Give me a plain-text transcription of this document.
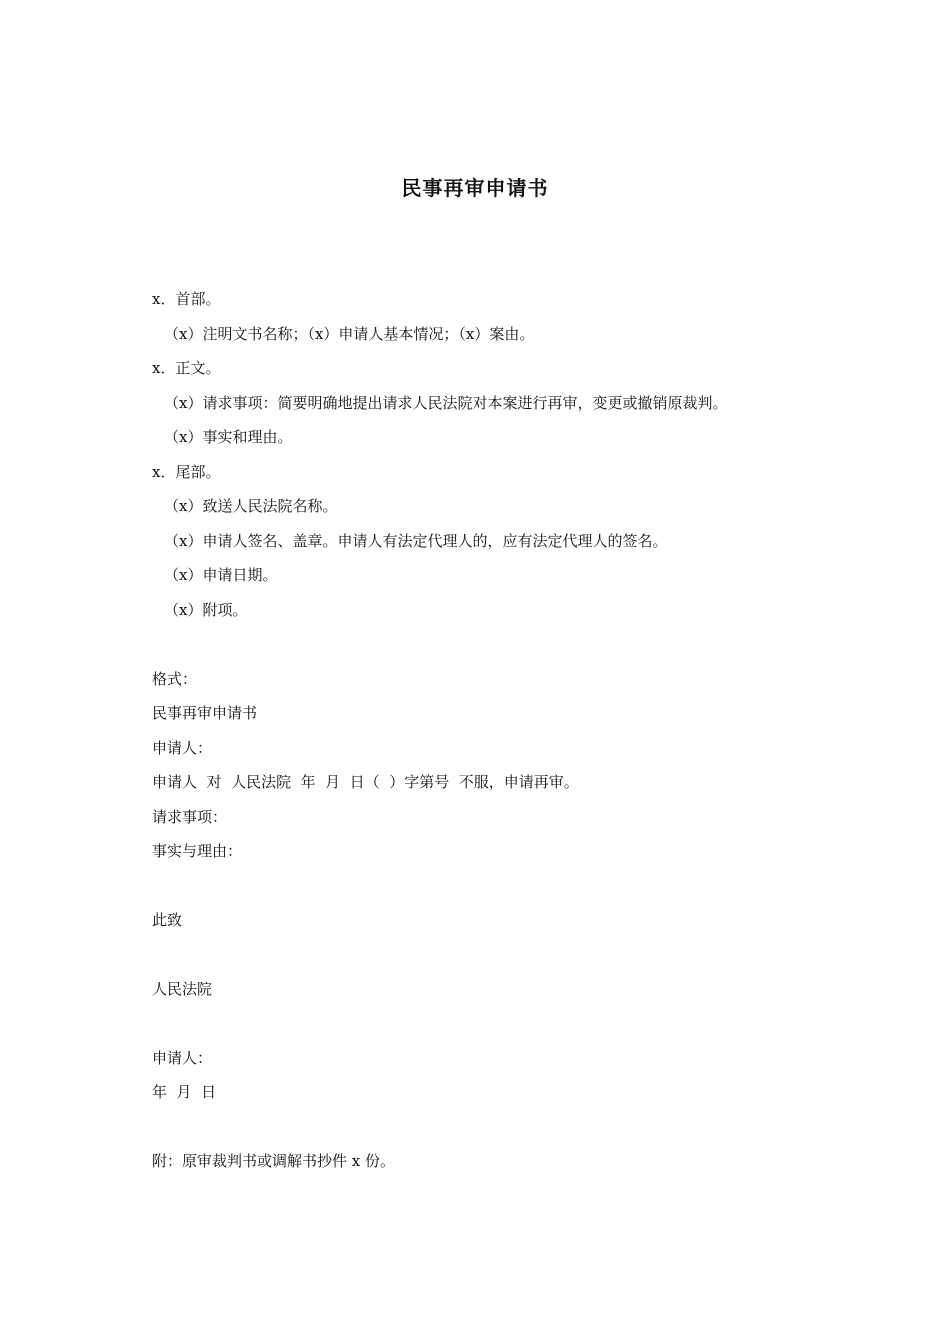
民事再审申请书
x．首部。
（x）注明文书名称；（x）申请人基本情况；（x）案由。
x．正文。
（x）请求事项：简要明确地提出请求人民法院对本案进行再审，变更或撤销原裁判。
（x）事实和理由。
x．尾部。
（x）致送人民法院名称。
（x）申请人签名、盖章。申请人有法定代理人的，应有法定代理人的签名。
（x）申请日期。
（x）附项。
格式：
民事再审申请书
申请人：
申请人  对  人民法院  年  月  日（  ）字第号  不服，申请再审。
请求事项：
事实与理由：
此致
人民法院
申请人：
年  月  日
附：原审裁判书或调解书抄件 x 份。
